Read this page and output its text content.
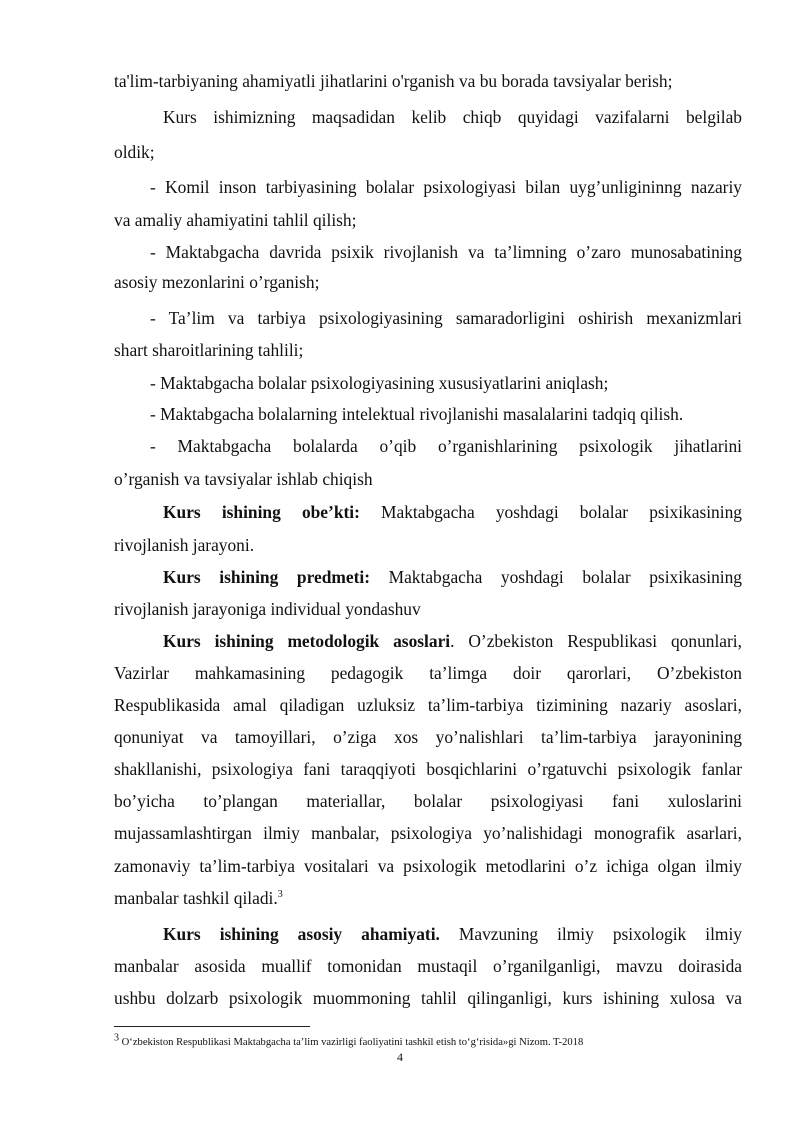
ta'lim-tarbiyaning ahamiyatli jihatlarini o'rganish va bu borada tavsiyalar berish;
Kurs ishimizning maqsadidan kelib chiqb quyidagi vazifalarni belgilab
oldik;
- Komil inson tarbiyasining bolalar psixologiyasi bilan uyg’unligininng nazariy
va amaliy ahamiyatini tahlil qilish;
- Maktabgacha davrida psixik rivojlanish va ta’limning o’zaro munosabatining
asosiy mezonlarini o’rganish;
- Ta’lim va tarbiya psixologiyasining samaradorligini oshirish mexanizmlari
shart sharoitlarining tahlili;
- Maktabgacha bolalar psixologiyasining xususiyatlarini aniqlash;
- Maktabgacha bolalarning intelektual rivojlanishi masalalarini tadqiq qilish.
- Maktabgacha bolalarda o’qib o’rganishlarining psixologik jihatlarini
o’rganish va tavsiyalar ishlab chiqish
Kurs ishining obe’kti: Maktabgacha yoshdagi bolalar psixikasining
rivojlanish jarayoni.
Kurs ishining predmeti: Maktabgacha yoshdagi bolalar psixikasining
rivojlanish jarayoniga individual yondashuv
Kurs ishining metodologik asoslari. O’zbekiston Respublikasi qonunlari,
Vazirlar mahkamasining pedagogik ta’limga doir qarorlari, O’zbekiston
Respublikasida amal qiladigan uzluksiz ta’lim-tarbiya tizimining nazariy asoslari,
qonuniyat va tamoyillari, o’ziga xos yo’nalishlari ta’lim-tarbiya jarayonining
shakllanishi, psixologiya fani taraqqiyoti bosqichlarini o’rgatuvchi psixologik fanlar
bo’yicha to’plangan materiallar, bolalar psixologiyasi fani xuloslarini
mujassamlashtirgan ilmiy manbalar, psixologiya yo’nalishidagi monografik asarlari,
zamonaviy ta’lim-tarbiya vositalari va psixologik metodlarini o’z ichiga olgan ilmiy
manbalar tashkil qiladi.$^3$
Kurs ishining asosiy ahamiyati. Mavzuning ilmiy psixologik ilmiy
manbalar asosida muallif tomonidan mustaqil o’rganilganligi, mavzu doirasida
ushbu dolzarb psixologik muommoning tahlil qilinganligi, kurs ishining xulosa va
$^3$ O‘zbekiston Respublikasi Maktabgacha ta’lim vazirligi faoliyatini tashkil etish to‘g‘risida»gi Nizom. T-2018
4
